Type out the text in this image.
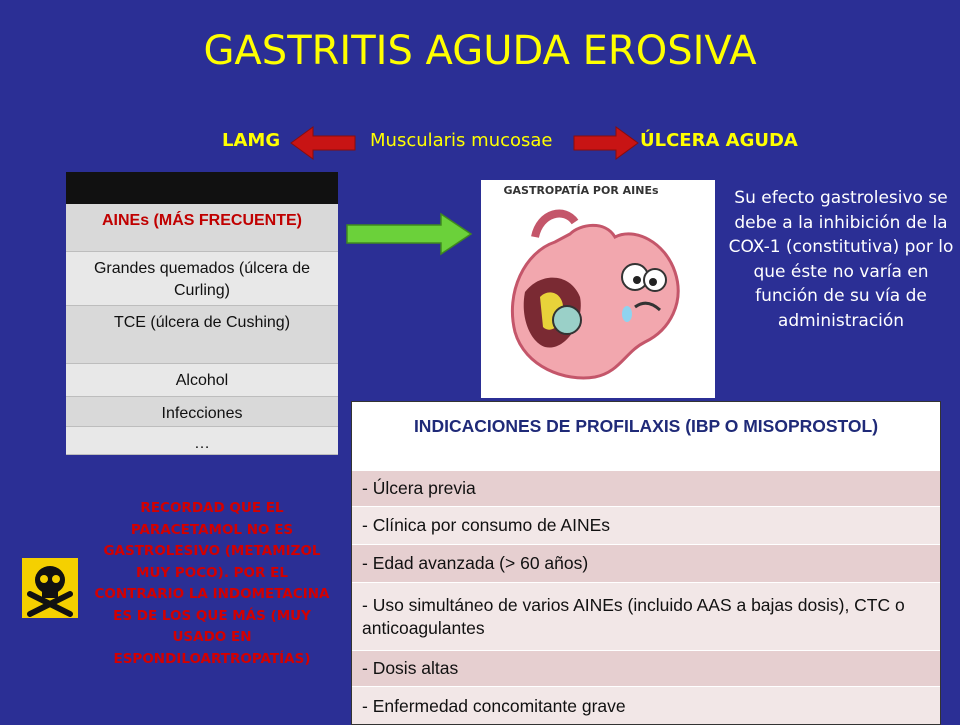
GASTRITIS AGUDA EROSIVA
LAMG	Muscularis mucosae	ÚLCERA AGUDA
AINEs (MÁS FRECUENTE)
Grandes quemados (úlcera de Curling)
TCE (úlcera de Cushing)
Alcohol
Infecciones
…
GASTROPATÍA POR AINEs	Su efecto gastrolesivo se debe a la inhibición de la COX-1 (constitutiva) por lo que éste no varía en función de su vía de administración
INDICACIONES DE PROFILAXIS (IBP O MISOPROSTOL)
- Úlcera previa
- Clínica por consumo de AINEs
- Edad avanzada (> 60 años)
- Uso simultáneo de varios AINEs (incluido AAS a bajas dosis), CTC o anticoagulantes
- Dosis altas
- Enfermedad concomitante grave
RECORDAD QUE EL PARACETAMOL NO ES GASTROLESIVO (METAMIZOL MUY POCO). POR EL CONTRARIO LA INDOMETACINA ES DE LOS QUE MÁS (MUY USADO EN ESPONDILOARTROPATÍAS)
